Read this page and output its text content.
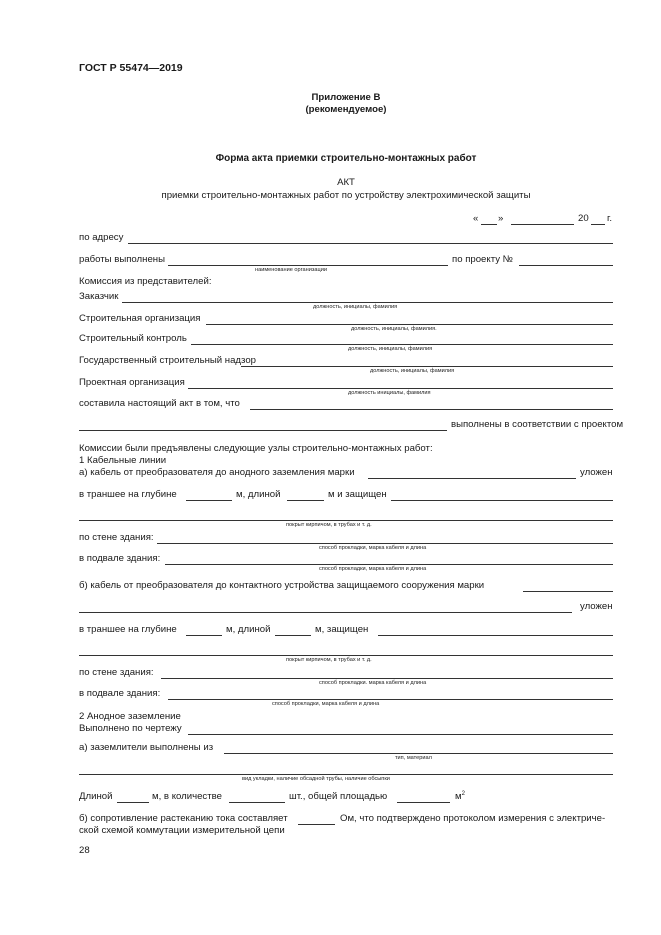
ГОСТ Р 55474—2019
Приложение В
(рекомендуемое)
Форма акта приемки строительно-монтажных работ
АКТ
приемки строительно-монтажных работ по устройству электрохимической защиты
« »	20 г.
по адресу
работы выполнены	по проекту №
наименование организации
Комиссия из представителей:
Заказчик
должность, инициалы, фамилия
Строительная организация
должность, инициалы, фамилия.
Строительный контроль
должность, инициалы, фамилия
Государственный строительный надзор
должность, инициалы, фамилия
Проектная организация
должность инициалы, фамилия
составила настоящий акт в том, что
выполнены в соответствии с проектом
Комиссии были предъявлены следующие узлы строительно-монтажных работ:
1 Кабельные линии
а) кабель от преобразователя до анодного заземления марки	уложен
в траншее на глубине	м, длиной	м и защищен
покрыт кирпичом, в трубах и т. д.
по стене здания:
способ прокладки, марка кабеля и длина
в подвале здания:
способ прокладки, марка кабеля и длина
б) кабель от преобразователя до контактного устройства защищаемого сооружения марки
уложен
в траншее на глубине	м, длиной	м, защищен
покрыт кирпичом, в трубах и т. д.
по стене здания:
способ прокладки. марка кабеля и длина
в подвале здания:
способ прокладки, марка кабеля и длина
2 Анодное заземление
Выполнено по чертежу
а) заземлители выполнены из
тип, материал
вид укладки, наличие обсадной трубы, наличие обсыпки
Длиной	м, в количестве	шт., общей площадью	$м^2$
б) сопротивление растеканию тока составляет	Ом, что подтверждено протоколом измерения с электриче-
ской схемой коммутации измерительной цепи
28
